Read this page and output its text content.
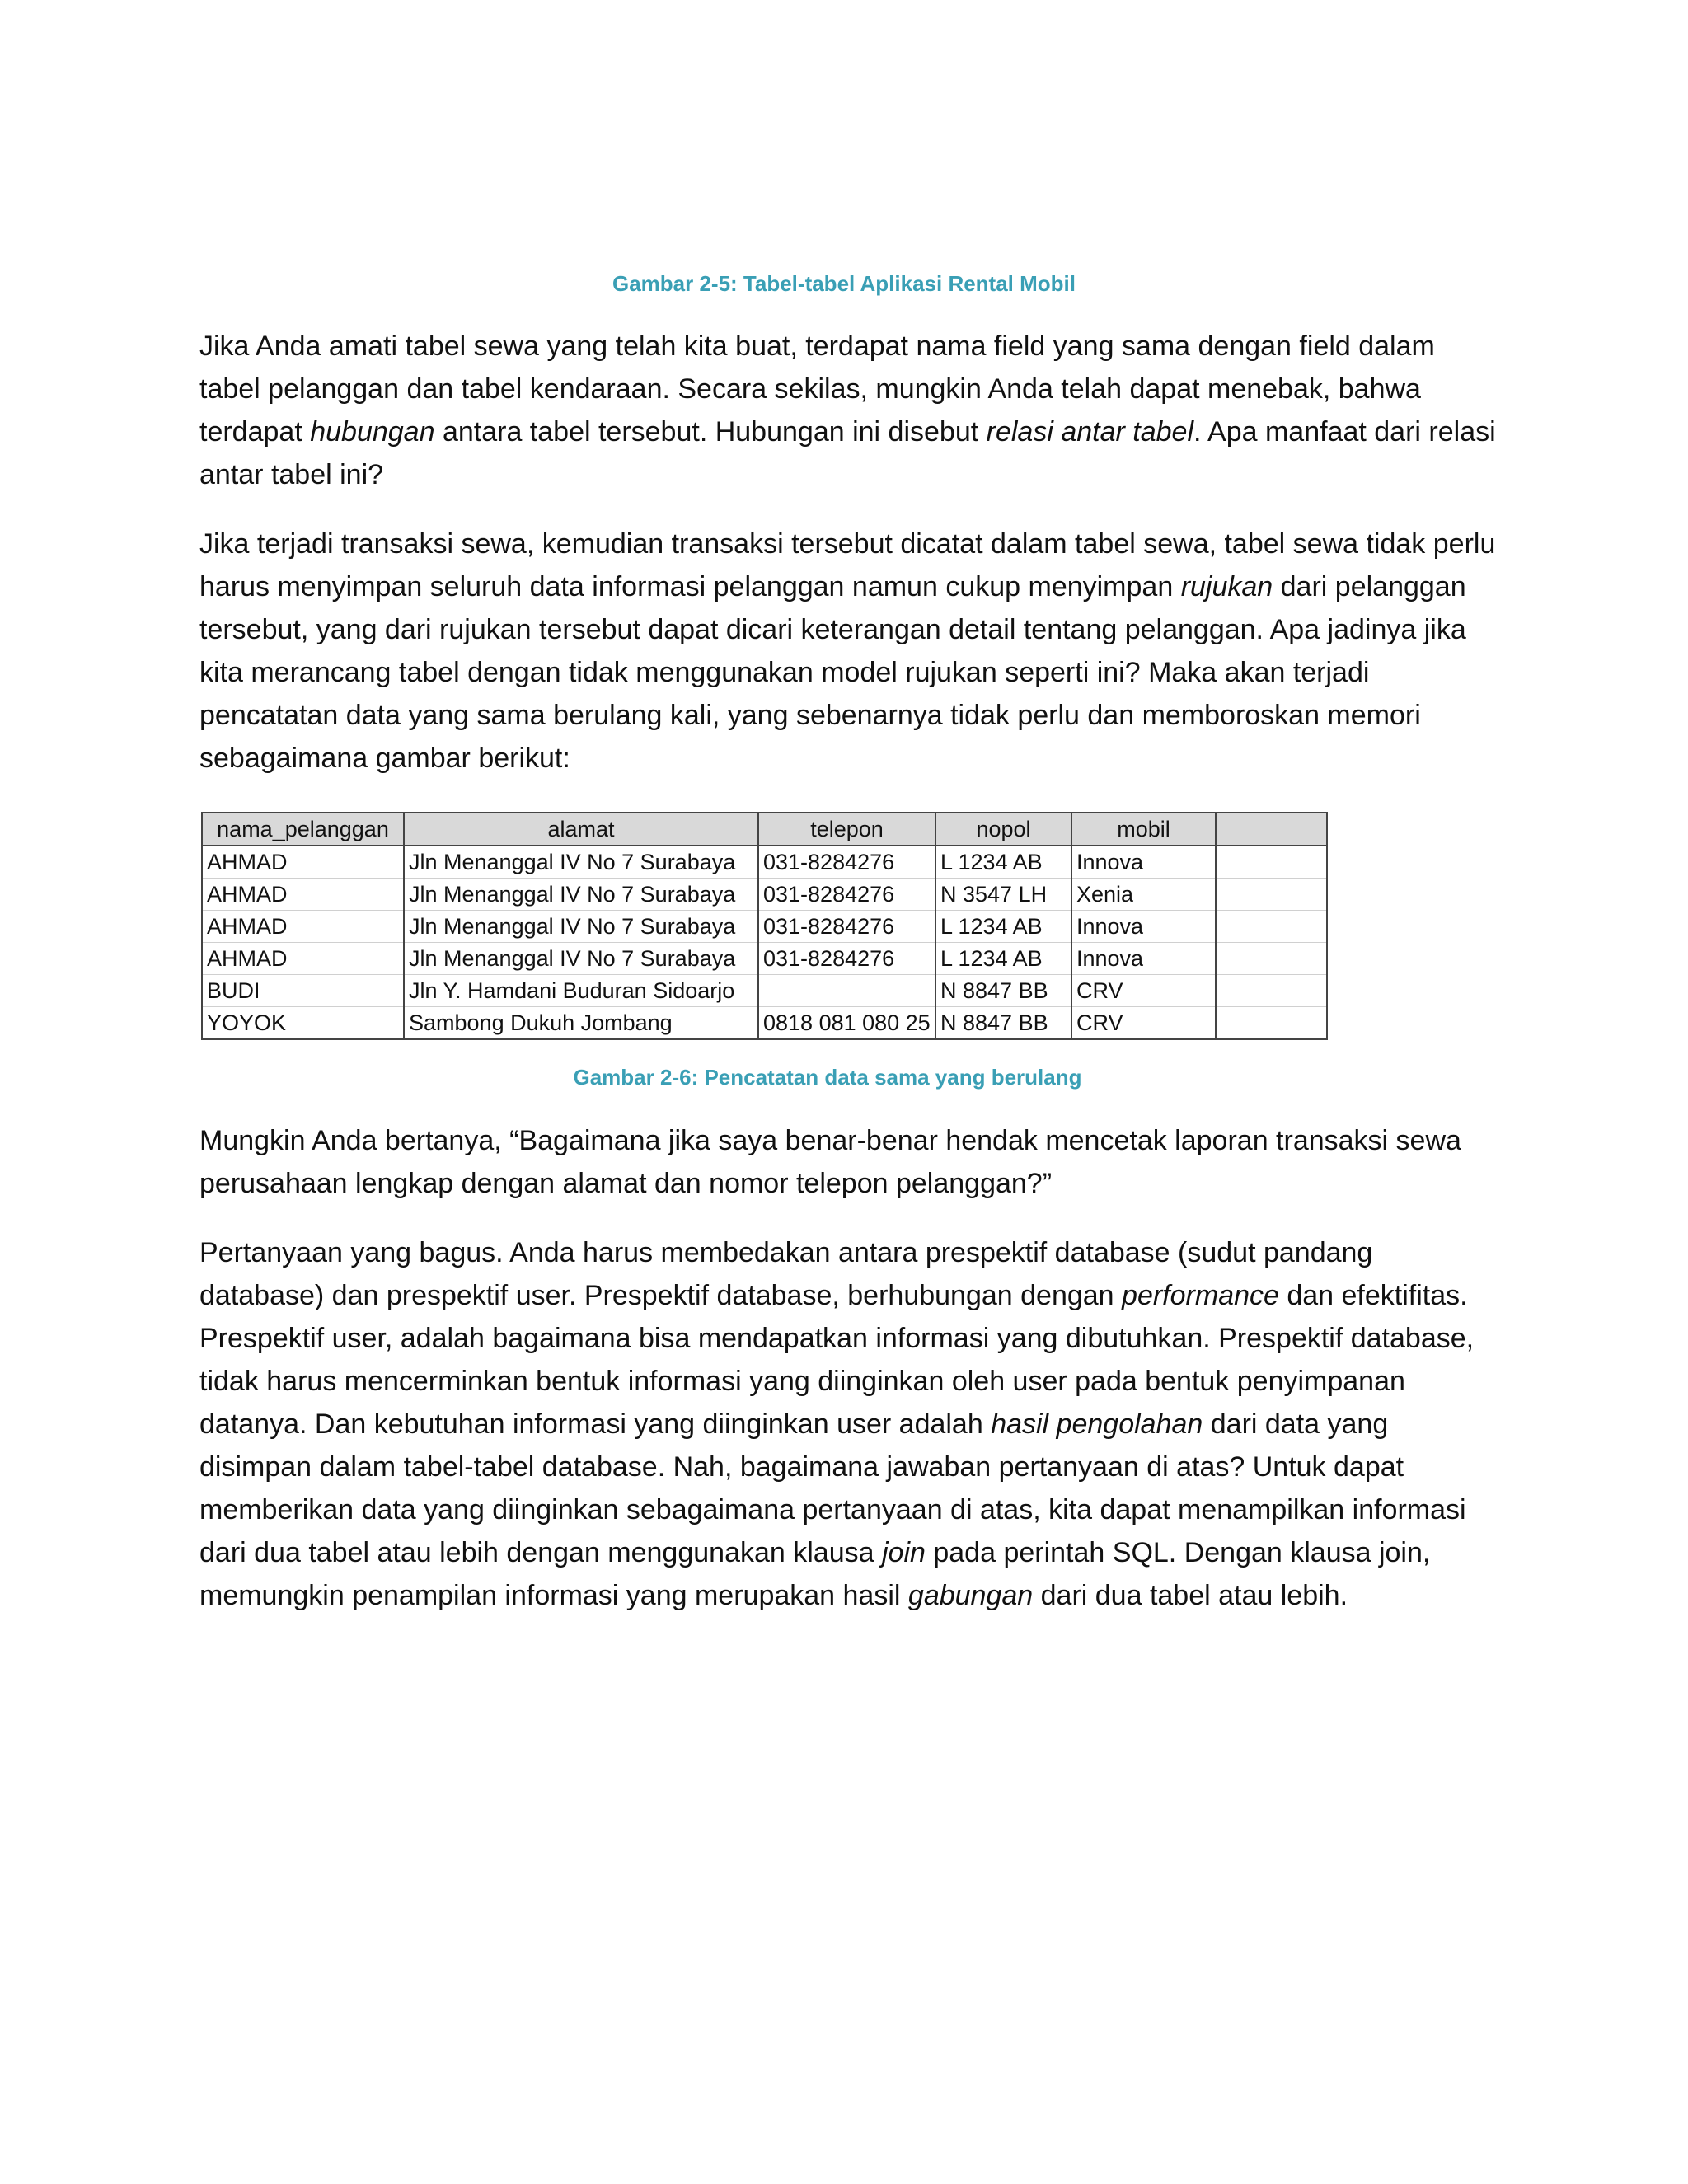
Gambar 2-5: Tabel-tabel Aplikasi Rental Mobil
Jika Anda amati tabel sewa yang telah kita buat, terdapat nama field yang sama dengan field dalam tabel pelanggan dan tabel kendaraan. Secara sekilas, mungkin Anda telah dapat menebak, bahwa terdapat hubungan antara tabel tersebut. Hubungan ini disebut relasi antar tabel. Apa manfaat dari relasi antar tabel ini?
Jika terjadi transaksi sewa, kemudian transaksi tersebut dicatat dalam tabel sewa, tabel sewa tidak perlu harus menyimpan seluruh data informasi pelanggan namun cukup menyimpan rujukan dari pelanggan tersebut, yang dari rujukan tersebut dapat dicari keterangan detail tentang pelanggan. Apa jadinya jika kita merancang tabel dengan tidak menggunakan model rujukan seperti ini? Maka akan terjadi pencatatan data yang sama berulang kali, yang sebenarnya tidak perlu dan memboroskan memori sebagaimana gambar berikut:
nama_pelanggan	alamat	telepon	nopol	mobil	
AHMAD	Jln Menanggal IV No 7 Surabaya	031-8284276	L 1234 AB	Innova	
AHMAD	Jln Menanggal IV No 7 Surabaya	031-8284276	N 3547 LH	Xenia	
AHMAD	Jln Menanggal IV No 7 Surabaya	031-8284276	L 1234 AB	Innova	
AHMAD	Jln Menanggal IV No 7 Surabaya	031-8284276	L 1234 AB	Innova	
BUDI	Jln Y. Hamdani Buduran Sidoarjo		N 8847 BB	CRV	
YOYOK	Sambong Dukuh Jombang	0818 081 080 25	N 8847 BB	CRV	
Gambar 2-6: Pencatatan data sama yang berulang
Mungkin Anda bertanya, “Bagaimana jika saya benar-benar hendak mencetak laporan transaksi sewa perusahaan lengkap dengan alamat dan nomor telepon pelanggan?”
Pertanyaan yang bagus. Anda harus membedakan antara prespektif database (sudut pandang database) dan prespektif user. Prespektif database, berhubungan dengan performance dan efektifitas. Prespektif user, adalah bagaimana bisa mendapatkan informasi yang dibutuhkan. Prespektif database, tidak harus mencerminkan bentuk informasi yang diinginkan oleh user pada bentuk penyimpanan datanya. Dan kebutuhan informasi yang diinginkan user adalah hasil pengolahan dari data yang disimpan dalam tabel-tabel database. Nah, bagaimana jawaban pertanyaan di atas? Untuk dapat memberikan data yang diinginkan sebagaimana pertanyaan di atas, kita dapat menampilkan informasi dari dua tabel atau lebih dengan menggunakan klausa join pada perintah SQL. Dengan klausa join, memungkin penampilan informasi yang merupakan hasil gabungan dari dua tabel atau lebih.
